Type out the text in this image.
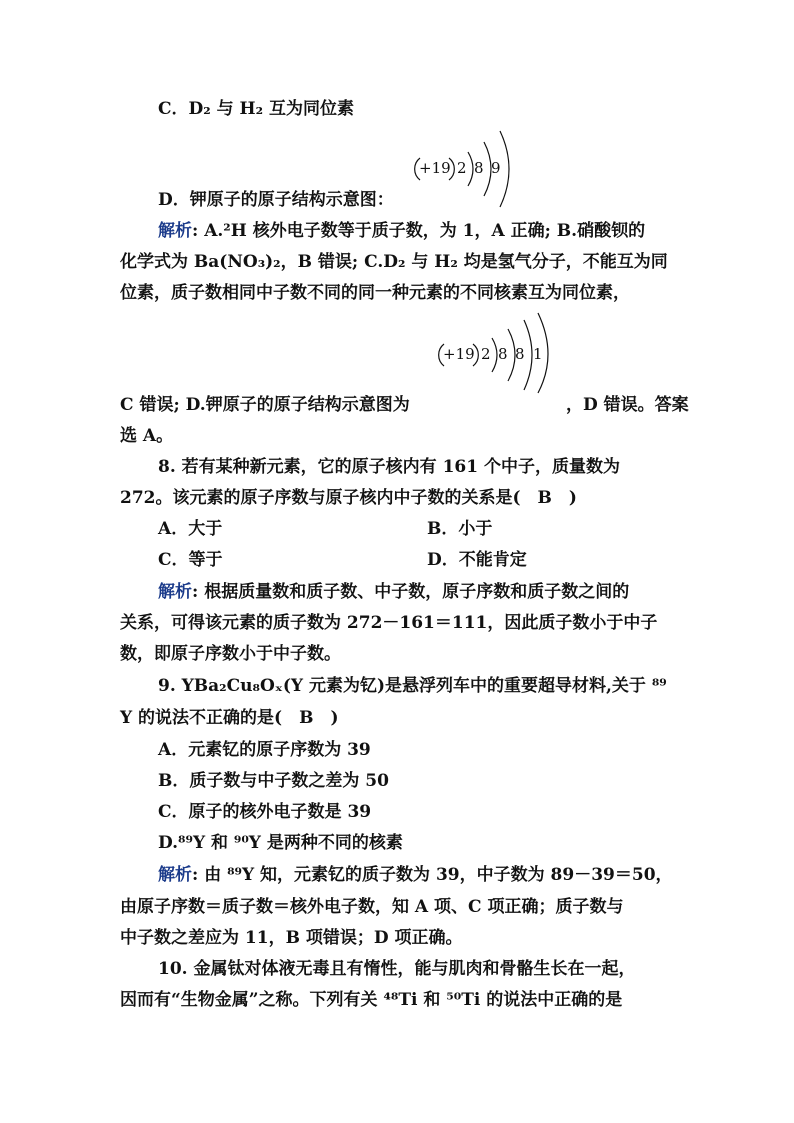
C．D₂ 与 H₂ 互为同位素
+19 2 8 9
D．钾原子的原子结构示意图：
解析: A.²H 核外电子数等于质子数，为 1，A 正确; B.硝酸钡的
化学式为 Ba(NO₃)₂，B 错误; C.D₂ 与 H₂ 均是氢气分子，不能互为同
位素，质子数相同中子数不同的同一种元素的不同核素互为同位素，
+19 2 8 8 1
C 错误; D.钾原子的原子结构示意图为	，D 错误。答案
选 A。
8. 若有某种新元素，它的原子核内有 161 个中子，质量数为
272。该元素的原子序数与原子核内中子数的关系是(　B　)
A．大于	B．小于
C．等于	D．不能肯定
解析: 根据质量数和质子数、中子数，原子序数和质子数之间的
关系，可得该元素的质子数为 272－161＝111，因此质子数小于中子
数，即原子序数小于中子数。
9. YBa₂Cu₈Oₓ(Y 元素为钇)是悬浮列车中的重要超导材料,关于 ⁸⁹
Y 的说法不正确的是(　B　)
A．元素钇的原子序数为 39
B．质子数与中子数之差为 50
C．原子的核外电子数是 39
D.⁸⁹Y 和 ⁹⁰Y 是两种不同的核素
解析: 由 ⁸⁹Y 知，元素钇的质子数为 39，中子数为 89－39＝50，
由原子序数＝质子数＝核外电子数，知 A 项、C 项正确；质子数与
中子数之差应为 11，B 项错误；D 项正确。
10. 金属钛对体液无毒且有惰性，能与肌肉和骨骼生长在一起，
因而有“生物金属”之称。下列有关 ⁴⁸Ti 和 ⁵⁰Ti 的说法中正确的是
